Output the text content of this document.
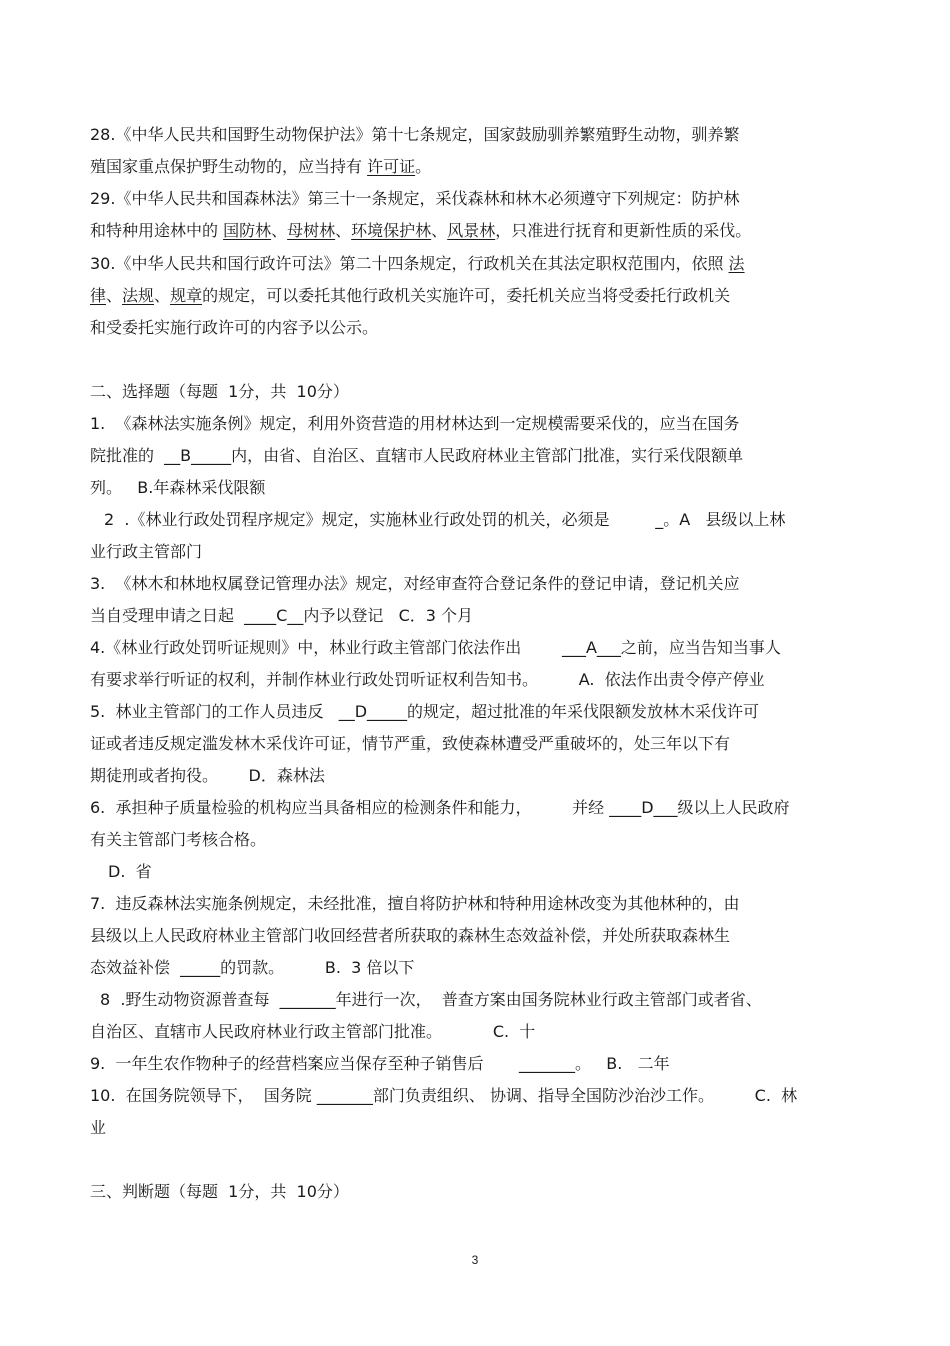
28.《中华人民共和国野生动物保护法》第十七条规定，国家鼓励驯养繁殖野生动物，驯养繁
殖国家重点保护野生动物的，应当持有 许可证。
29.《中华人民共和国森林法》第三十一条规定，采伐森林和林木必须遵守下列规定：防护林
和特种用途林中的 国防林、母树林、环境保护林、风景林，只准进行抚育和更新性质的采伐。
30.《中华人民共和国行政许可法》第二十四条规定，行政机关在其法定职权范围内，依照 法
律、法规、规章的规定，可以委托其他行政机关实施许可，委托机关应当将受委托行政机关
和受委托实施行政许可的内容予以公示。
二、选择题（每题  1分，共  10分）
1.  《森林法实施条例》规定，利用外资营造的用材林达到一定规模需要采伐的，应当在国务
院批准的  __B_____内，由省、自治区、直辖市人民政府林业主管部门批准，实行采伐限额单
列。   B.年森林采伐限额
2  .《林业行政处罚程序规定》规定，实施林业行政处罚的机关，必须是         _。A   县级以上林
业行政主管部门
3.  《林木和林地权属登记管理办法》规定，对经审查符合登记条件的登记申请，登记机关应
当自受理申请之日起  ____C__内予以登记   C．3 个月
4.《林业行政处罚听证规则》中，林业行政主管部门依法作出        ___A___之前，应当告知当事人
有要求举行听证的权利，并制作林业行政处罚听证权利告知书。        A.  依法作出责令停产停业
5.  林业主管部门的工作人员违反   __D_____的规定，超过批准的年采伐限额发放林木采伐许可
证或者违反规定滥发林木采伐许可证，情节严重，致使森林遭受严重破坏的，处三年以下有
期徒刑或者拘役。      D．森林法
6.  承担种子质量检验的机构应当具备相应的检测条件和能力，        并经 ____D___级以上人民政府
有关主管部门考核合格。
D.  省
7.  违反森林法实施条例规定，未经批准，擅自将防护林和特种用途林改变为其他林种的，由
县级以上人民政府林业主管部门收回经营者所获取的森林生态效益补偿，并处所获取森林生
态效益补偿  _____的罚款。        B.  3 倍以下
8  .野生动物资源普查每  _______年进行一次，  普查方案由国务院林业行政主管部门或者省、
自治区、直辖市人民政府林业行政主管部门批准。          C.  十
9.  一年生农作物种子的经营档案应当保存至种子销售后       _______。   B.   二年
10.  在国务院领导下，  国务院 _______部门负责组织、 协调、指导全国防沙治沙工作。        C.  林
业
三、判断题（每题  1分，共  10分）
3
